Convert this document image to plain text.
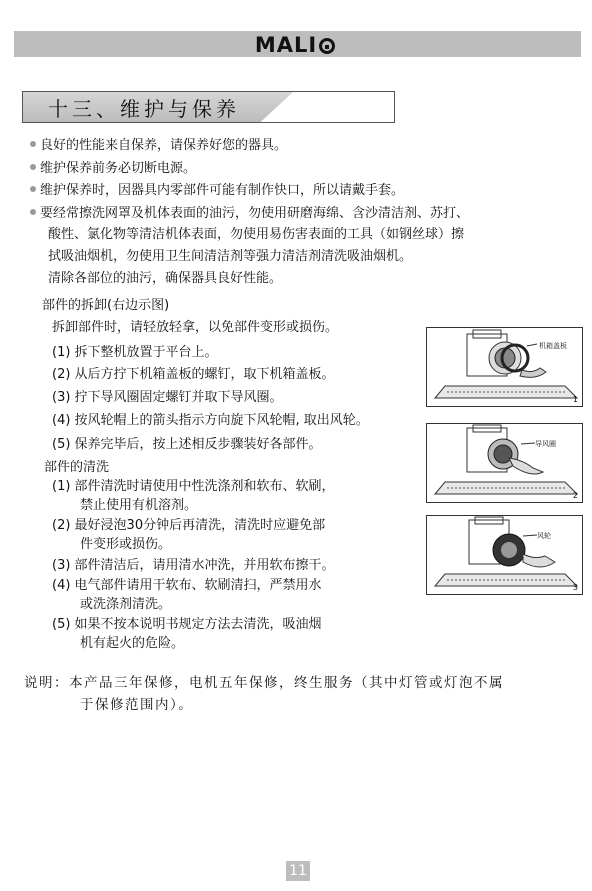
MALI
十三、维护与保养
良好的性能来自保养，请保养好您的器具。
维护保养前务必切断电源。
维护保养时，因器具内零部件可能有制作快口，所以请戴手套。
要经常擦洗网罩及机体表面的油污，勿使用研磨海绵、含沙清洁剂、苏打、
酸性、氯化物等清洁机体表面，勿使用易伤害表面的工具（如钢丝球）擦
拭吸油烟机，勿使用卫生间清洁剂等强力清洁剂清洗吸油烟机。
清除各部位的油污，确保器具良好性能。
部件的拆卸(右边示图)
拆卸部件时，请轻放轻拿，以免部件变形或损伤。
(1) 拆下整机放置于平台上。
(2) 从后方拧下机箱盖板的螺钉，取下机箱盖板。
(3) 拧下导风圈固定螺钉并取下导风圈。
(4) 按风轮帽上的箭头指示方向旋下风轮帽, 取出风轮。
(5) 保养完毕后，按上述相反步骤装好各部件。
部件的清洗
(1) 部件清洗时请使用中性洗涤剂和软布、软刷，
禁止使用有机溶剂。
(2) 最好浸泡30分钟后再清洗，清洗时应避免部
件变形或损伤。
(3) 部件清洁后，请用清水冲洗，并用软布擦干。
(4) 电气部件请用干软布、软刷清扫，严禁用水
或洗涤剂清洗。
(5) 如果不按本说明书规定方法去清洗，吸油烟
机有起火的危险。
机箱盖板
1
导风圈
2
风轮
3
说明：本产品三年保修，电机五年保修，终生服务（其中灯管或灯泡不属
于保修范围内）。
11
